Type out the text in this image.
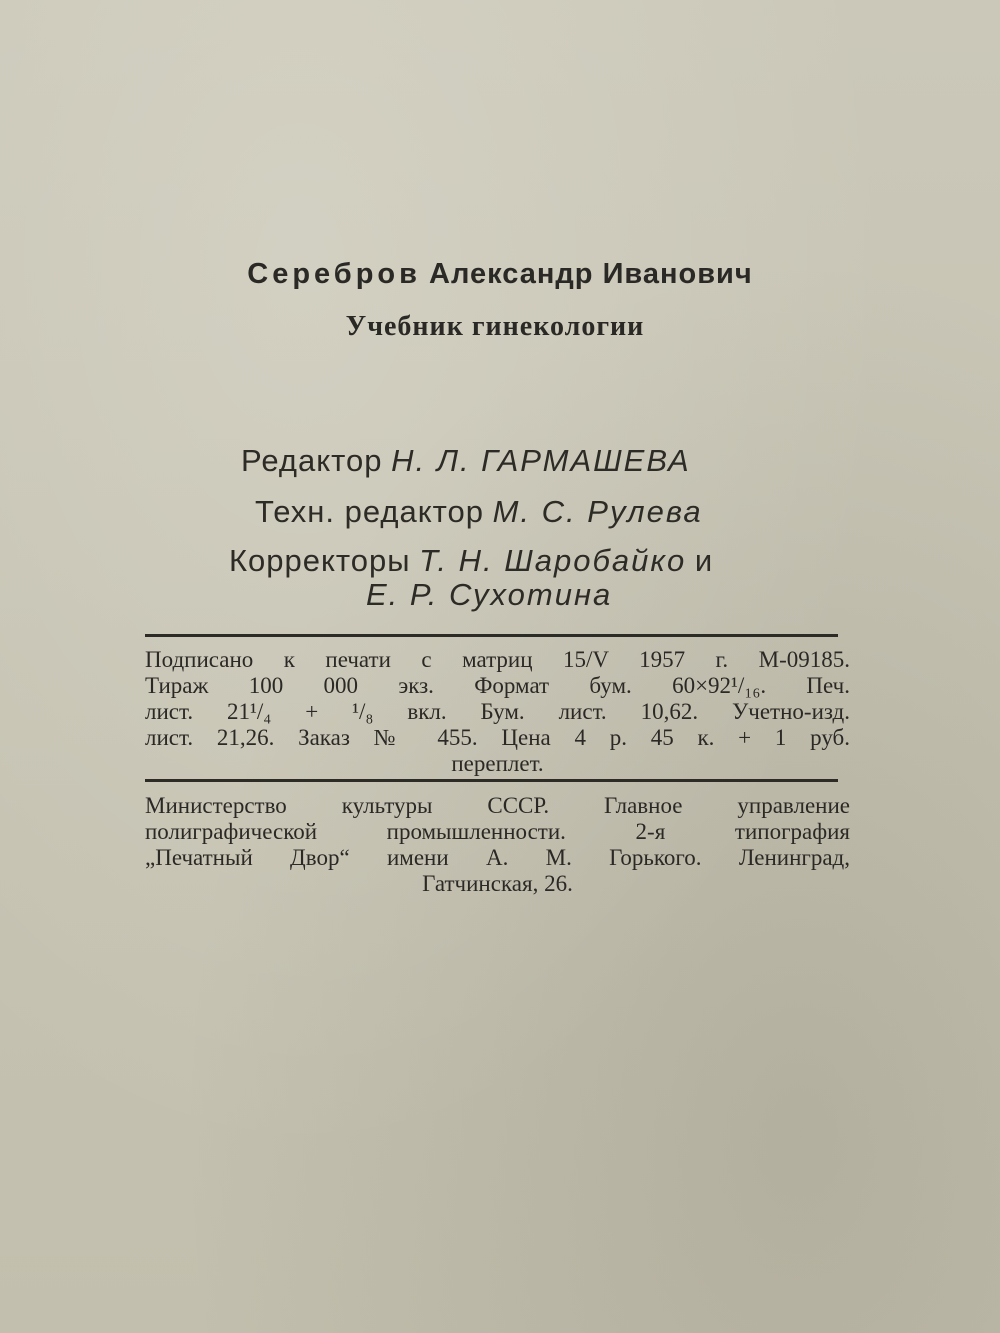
Серебров Александр Иванович
Учебник гинекологии
Редактор Н. Л. ГАРМАШЕВА
Техн. редактор М. С. Рулева
Корректоры Т. Н. Шаробайко и
Е. Р. Сухотина
Подписано к печати с матриц 15/V 1957 г. М-09185.
Тираж 100 000 экз. Формат бум. 60×92¹/₁₆. Печ.
лист. 21¹/₄ + ¹/₈ вкл. Бум. лист. 10,62. Учетно-изд.
лист. 21,26. Заказ № 455. Цена 4 р. 45 к. + 1 руб.
переплет.
Министерство культуры СССР. Главное управление
полиграфической промышленности. 2-я типография
„Печатный Двор“ имени А. М. Горького. Ленинград,
Гатчинская, 26.
